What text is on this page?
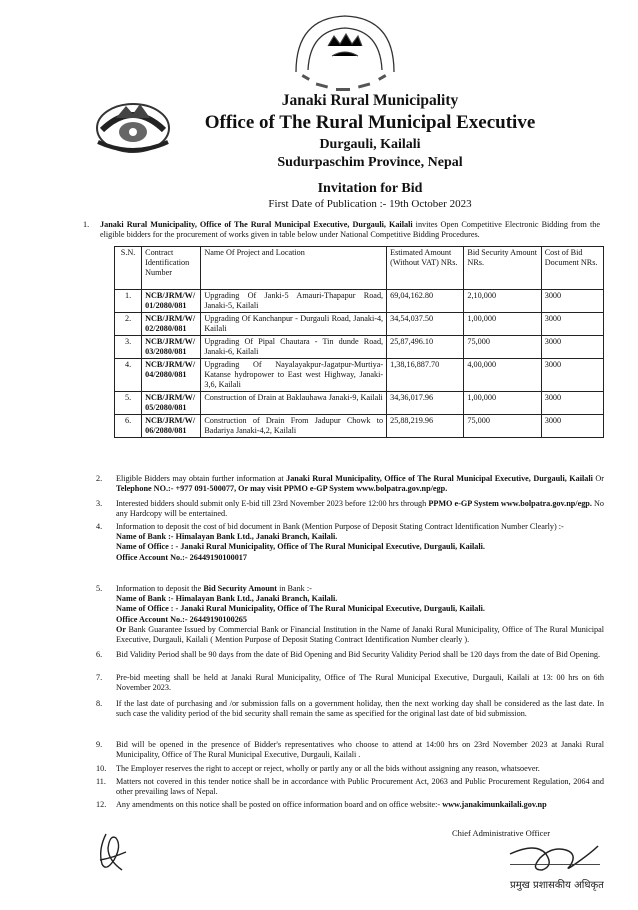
Janaki Rural Municipality
Office of The Rural Municipal Executive
Durgauli, Kailali
Sudurpaschim Province, Nepal
Invitation for Bid
First Date of Publication :- 19th October 2023
1. Janaki Rural Municipality, Office of The Rural Municipal Executive, Durgauli, Kailali invites Open Competitive Electronic Bidding from the eligible bidders for the procurement of works given in table below under National Competitive Bidding Procedures.
S.N.	Contract Identification Number	Name Of Project and Location	Estimated Amount (Without VAT) NRs.	Bid Security Amount NRs.	Cost of Bid Document NRs.
1.	NCB/JRM/W/ 01/2080/081	Upgrading Of Janki-5 Amauri-Thapapur Road, Janaki-5, Kailali	69,04,162.80	2,10,000	3000
2.	NCB/JRM/W/ 02/2080/081	Upgrading Of Kanchanpur - Durgauli Road, Janaki-4, Kailali	34,54,037.50	1,00,000	3000
3.	NCB/JRM/W/ 03/2080/081	Upgrading Of Pipal Chautara - Tin dunde Road, Janaki-6, Kailali	25,87,496.10	75,000	3000
4.	NCB/JRM/W/ 04/2080/081	Upgrading Of Nayalayakpur-Jagatpur-Murtiya-Katanse hydropower to East west Highway, Janaki-3,6, Kailali	1,38,16,887.70	4,00,000	3000
5.	NCB/JRM/W/ 05/2080/081	Construction of Drain at Baklauhawa Janaki-9, Kailali	34,36,017.96	1,00,000	3000
6.	NCB/JRM/W/ 06/2080/081	Construction of Drain From Jadupur Chowk to Badariya Janaki-4,2, Kailali	25,88,219.96	75,000	3000
2. Eligible Bidders may obtain further information at Janaki Rural Municipality, Office of The Rural Municipal Executive, Durgauli, Kailali Or Telephone NO.:- +977 091-500077, Or may visit PPMO e-GP System www.bolpatra.gov.np/egp.
3. Interested bidders should submit only E-bid till 23rd November 2023 before 12:00 hrs through PPMO e-GP System www.bolpatra.gov.np/egp. No any Hardcopy will be entertained.
4. Information to deposit the cost of bid document in Bank (Mention Purpose of Deposit Stating Contract Identification Number Clearly) :-
Name of Bank :- Himalayan Bank Ltd., Janaki Branch, Kailali.
Name of Office : - Janaki Rural Municipality, Office of The Rural Municipal Executive, Durgauli, Kailali.
Office Account No.:- 26449190100017
5. Information to deposit the Bid Security Amount in Bank :-
Name of Bank :- Himalayan Bank Ltd., Janaki Branch, Kailali.
Name of Office : - Janaki Rural Municipality, Office of The Rural Municipal Executive, Durgauli, Kailali.
Office Account No.:- 26449190100265
Or Bank Guarantee Issued by Commercial Bank or Financial Institution in the Name of Janaki Rural Municipality, Office of The Rural Municipal Executive, Durgauli, Kailali ( Mention Purpose of Deposit Stating Contract Identification Number clearly ).
6. Bid Validity Period shall be 90 days from the date of Bid Opening and Bid Security Validity Period shall be 120 days from the date of Bid Opening.
7. Pre-bid meeting shall be held at Janaki Rural Municipality, Office of The Rural Municipal Executive, Durgauli, Kailali at 13: 00 hrs on 6th November 2023.
8. If the last date of purchasing and /or submission falls on a government holiday, then the next working day shall be considered as the last date. In such case the validity period of the bid security shall remain the same as specified for the original last date of bid submission.
9. Bid will be opened in the presence of Bidder's representatives who choose to attend at 14:00 hrs on 23rd November 2023 at Janaki Rural Municipality, Office of The Rural Municipal Executive, Durgauli, Kailali .
10. The Employer reserves the right to accept or reject, wholly or partly any or all the bids without assigning any reason, whatsoever.
11. Matters not covered in this tender notice shall be in accordance with Public Procurement Act, 2063 and Public Procurement Regulation, 2064 and other prevailing laws of Nepal.
12. Any amendments on this notice shall be posted on office information board and on office website:- www.janakimunkailali.gov.np
Chief Administrative Officer
प्रमुख प्रशासकीय अधिकृत
